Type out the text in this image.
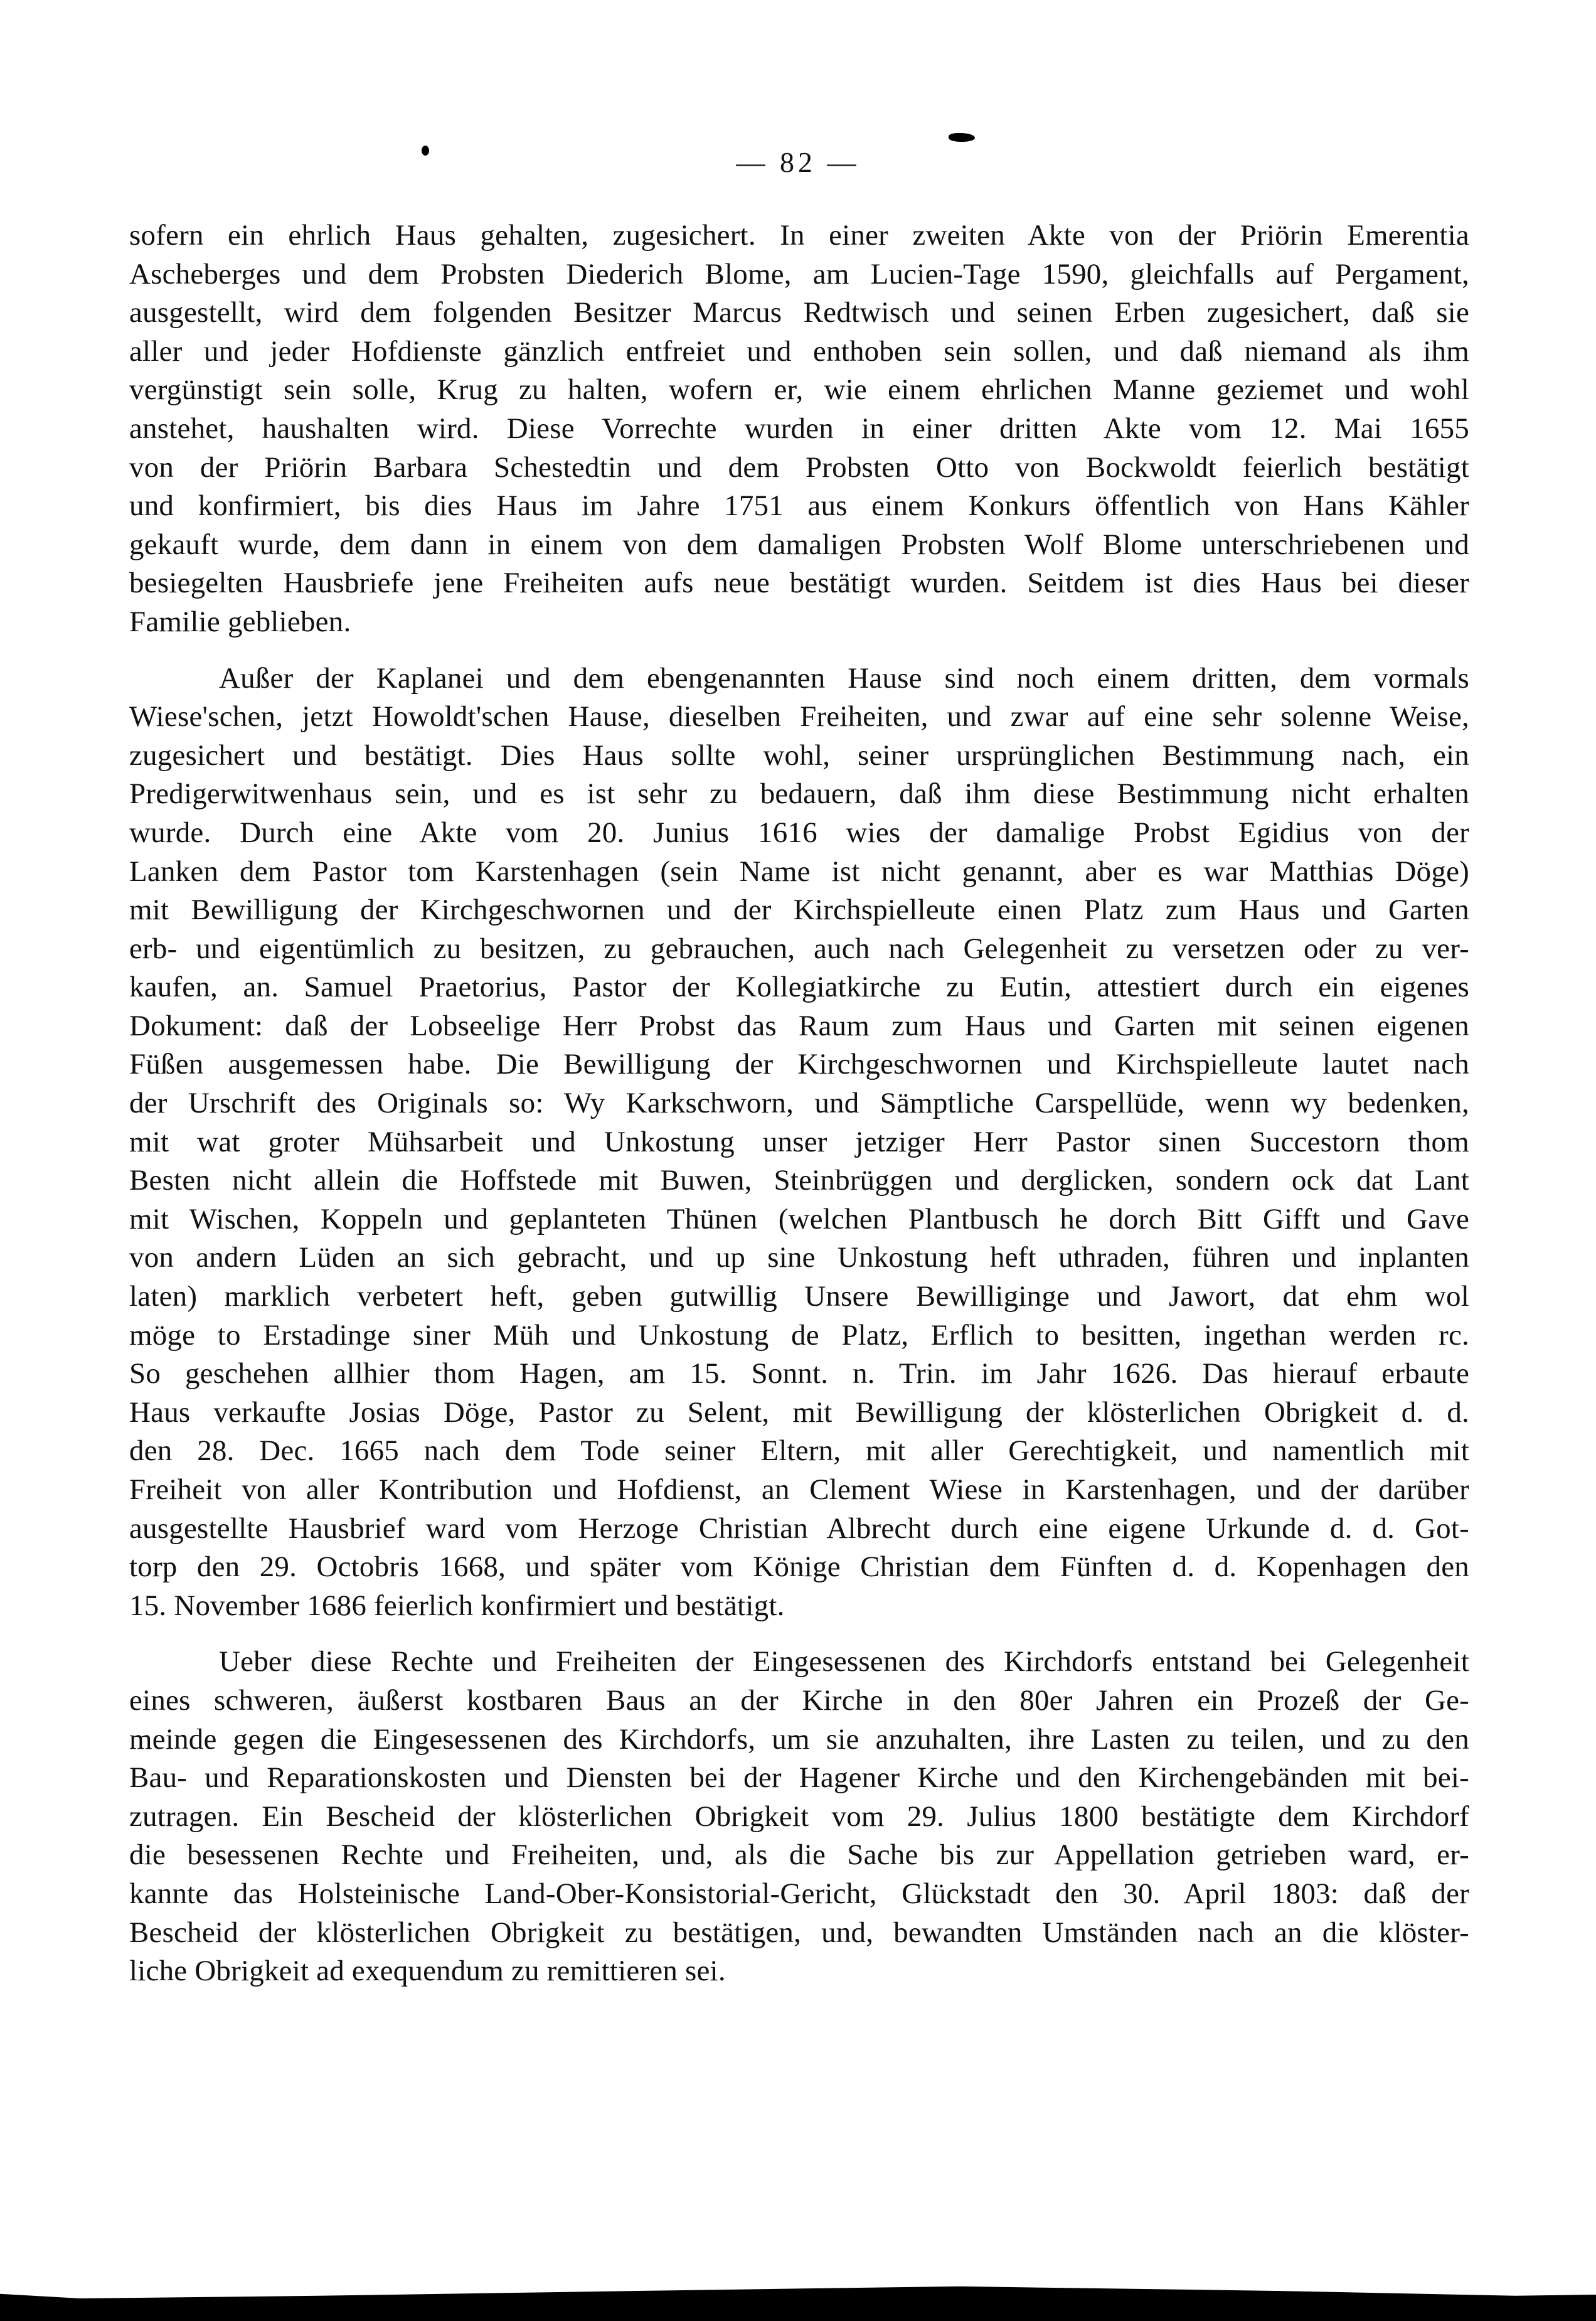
— 82 —
sofern ein ehrlich Haus gehalten, zugesichert. In einer zweiten Akte von der Priörin Emerentia
Ascheberges und dem Probsten Diederich Blome, am Lucien-Tage 1590, gleichfalls auf Pergament,
ausgestellt, wird dem folgenden Besitzer Marcus Redtwisch und seinen Erben zugesichert, daß sie
aller und jeder Hofdienste gänzlich entfreiet und enthoben sein sollen, und daß niemand als ihm
vergünstigt sein solle, Krug zu halten, wofern er, wie einem ehrlichen Manne geziemet und wohl
anstehet, haushalten wird. Diese Vorrechte wurden in einer dritten Akte vom 12. Mai 1655
von der Priörin Barbara Schestedtin und dem Probsten Otto von Bockwoldt feierlich bestätigt
und konfirmiert, bis dies Haus im Jahre 1751 aus einem Konkurs öffentlich von Hans Kähler
gekauft wurde, dem dann in einem von dem damaligen Probsten Wolf Blome unterschriebenen und
besiegelten Hausbriefe jene Freiheiten aufs neue bestätigt wurden. Seitdem ist dies Haus bei dieser
Familie geblieben.
Außer der Kaplanei und dem ebengenannten Hause sind noch einem dritten, dem vormals
Wiese'schen, jetzt Howoldt'schen Hause, dieselben Freiheiten, und zwar auf eine sehr solenne Weise,
zugesichert und bestätigt. Dies Haus sollte wohl, seiner ursprünglichen Bestimmung nach, ein
Predigerwitwenhaus sein, und es ist sehr zu bedauern, daß ihm diese Bestimmung nicht erhalten
wurde. Durch eine Akte vom 20. Junius 1616 wies der damalige Probst Egidius von der
Lanken dem Pastor tom Karstenhagen (sein Name ist nicht genannt, aber es war Matthias Döge)
mit Bewilligung der Kirchgeschwornen und der Kirchspielleute einen Platz zum Haus und Garten
erb- und eigentümlich zu besitzen, zu gebrauchen, auch nach Gelegenheit zu versetzen oder zu ver-
kaufen, an. Samuel Praetorius, Pastor der Kollegiatkirche zu Eutin, attestiert durch ein eigenes
Dokument: daß der Lobseelige Herr Probst das Raum zum Haus und Garten mit seinen eigenen
Füßen ausgemessen habe. Die Bewilligung der Kirchgeschwornen und Kirchspielleute lautet nach
der Urschrift des Originals so: Wy Karkschworn, und Sämptliche Carspellüde, wenn wy bedenken,
mit wat groter Mühsarbeit und Unkostung unser jetziger Herr Pastor sinen Succestorn thom
Besten nicht allein die Hoffstede mit Buwen, Steinbrüggen und derglicken, sondern ock dat Lant
mit Wischen, Koppeln und geplanteten Thünen (welchen Plantbusch he dorch Bitt Gifft und Gave
von andern Lüden an sich gebracht, und up sine Unkostung heft uthraden, führen und inplanten
laten) marklich verbetert heft, geben gutwillig Unsere Bewilliginge und Jawort, dat ehm wol
möge to Erstadinge siner Müh und Unkostung de Platz, Erflich to besitten, ingethan werden rc.
So geschehen allhier thom Hagen, am 15. Sonnt. n. Trin. im Jahr 1626. Das hierauf erbaute
Haus verkaufte Josias Döge, Pastor zu Selent, mit Bewilligung der klösterlichen Obrigkeit d. d.
den 28. Dec. 1665 nach dem Tode seiner Eltern, mit aller Gerechtigkeit, und namentlich mit
Freiheit von aller Kontribution und Hofdienst, an Clement Wiese in Karstenhagen, und der darüber
ausgestellte Hausbrief ward vom Herzoge Christian Albrecht durch eine eigene Urkunde d. d. Got-
torp den 29. Octobris 1668, und später vom Könige Christian dem Fünften d. d. Kopenhagen den
15. November 1686 feierlich konfirmiert und bestätigt.
Ueber diese Rechte und Freiheiten der Eingesessenen des Kirchdorfs entstand bei Gelegenheit
eines schweren, äußerst kostbaren Baus an der Kirche in den 80er Jahren ein Prozeß der Ge-
meinde gegen die Eingesessenen des Kirchdorfs, um sie anzuhalten, ihre Lasten zu teilen, und zu den
Bau- und Reparationskosten und Diensten bei der Hagener Kirche und den Kirchengebänden mit bei-
zutragen. Ein Bescheid der klösterlichen Obrigkeit vom 29. Julius 1800 bestätigte dem Kirchdorf
die besessenen Rechte und Freiheiten, und, als die Sache bis zur Appellation getrieben ward, er-
kannte das Holsteinische Land-Ober-Konsistorial-Gericht, Glückstadt den 30. April 1803: daß der
Bescheid der klösterlichen Obrigkeit zu bestätigen, und, bewandten Umständen nach an die klöster-
liche Obrigkeit ad exequendum zu remittieren sei.
